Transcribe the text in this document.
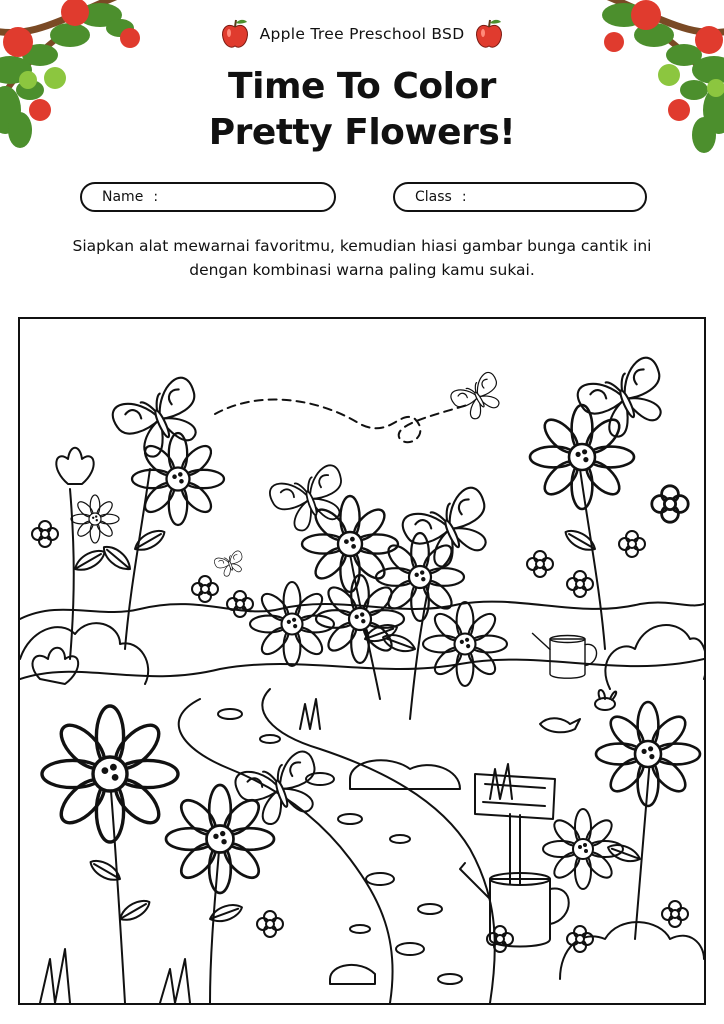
Apple Tree Preschool BSD
Time To Color
Pretty Flowers!
Name :	Class :
Siapkan alat mewarnai favoritmu, kemudian hiasi gambar bunga cantik ini dengan kombinasi warna paling kamu sukai.
